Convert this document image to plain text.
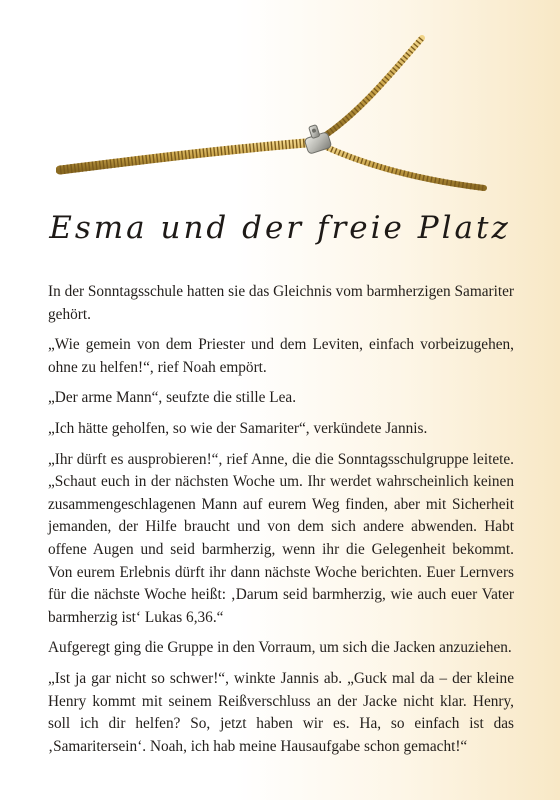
Esma und der freie Platz

In der Sonntagsschule hatten sie das Gleichnis vom barmherzigen Samariter gehört.

„Wie gemein von dem Priester und dem Leviten, einfach vorbeizugehen, ohne zu helfen!“, rief Noah empört.

„Der arme Mann“, seufzte die stille Lea.

„Ich hätte geholfen, so wie der Samariter“, verkündete Jannis.

„Ihr dürft es ausprobieren!“, rief Anne, die die Sonntagsschulgruppe leitete. „Schaut euch in der nächsten Woche um. Ihr werdet wahrscheinlich keinen zusammengeschlagenen Mann auf eurem Weg finden, aber mit Sicherheit jemanden, der Hilfe braucht und von dem sich andere abwenden. Habt offene Augen und seid barmherzig, wenn ihr die Gelegenheit bekommt. Von eurem Erlebnis dürft ihr dann nächste Woche berichten. Euer Lernvers für die nächste Woche heißt: ‚Darum seid barmherzig, wie auch euer Vater barmherzig ist‘ Lukas 6,36.“

Aufgeregt ging die Gruppe in den Vorraum, um sich die Jacken anzuziehen.

„Ist ja gar nicht so schwer!“, winkte Jannis ab. „Guck mal da – der kleine Henry kommt mit seinem Reißverschluss an der Jacke nicht klar. Henry, soll ich dir helfen? So, jetzt haben wir es. Ha, so einfach ist das ‚Samaritersein‘. Noah, ich hab meine Hausaufgabe schon gemacht!“
